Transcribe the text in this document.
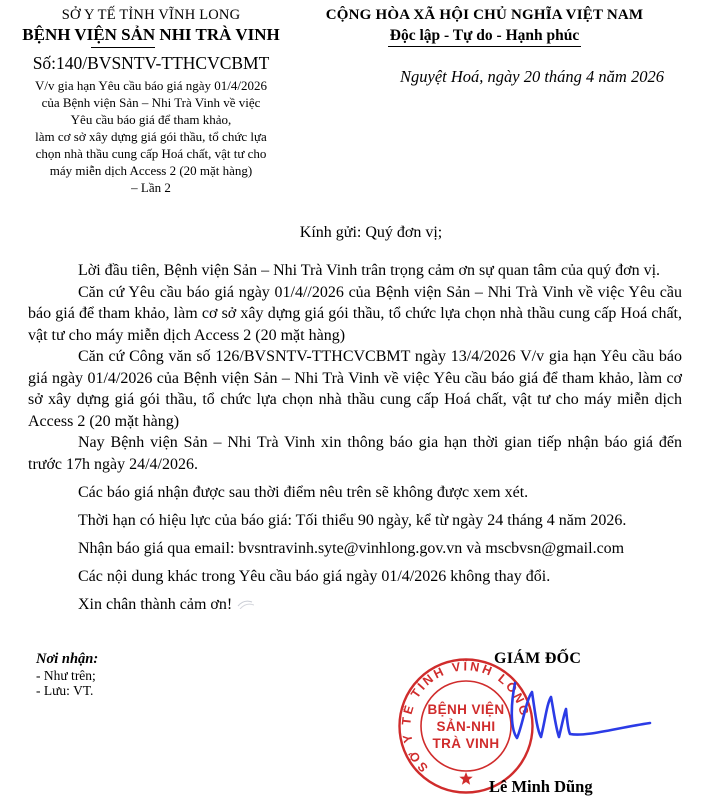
SỞ Y TẾ TỈNH VĨNH LONG
BỆNH VIỆN SẢN NHI TRÀ VINH
Số:140/BVSNTV-TTHCVCBMT
V/v gia hạn Yêu cầu báo giá ngày 01/4/2026
của Bệnh viện Sản – Nhi Trà Vinh về việc
Yêu cầu báo giá để tham khảo,
làm cơ sở xây dựng giá gói thầu, tổ chức lựa
chọn nhà thầu cung cấp Hoá chất, vật tư cho
máy miễn dịch Access 2 (20 mặt hàng)
– Lần 2
CỘNG HÒA XÃ HỘI CHỦ NGHĨA VIỆT NAM
Độc lập - Tự do - Hạnh phúc
Nguyệt Hoá, ngày 20 tháng 4 năm 2026
Kính gửi: Quý đơn vị;

Lời đầu tiên, Bệnh viện Sản – Nhi Trà Vinh trân trọng cảm ơn sự quan tâm của quý đơn vị.

Căn cứ Yêu cầu báo giá ngày 01/4//2026 của Bệnh viện Sản – Nhi Trà Vinh về việc Yêu cầu báo giá để tham khảo, làm cơ sở xây dựng giá gói thầu, tổ chức lựa chọn nhà thầu cung cấp Hoá chất, vật tư cho máy miễn dịch Access 2 (20 mặt hàng)

Căn cứ Công văn số 126/BVSNTV-TTHCVCBMT ngày 13/4/2026 V/v gia hạn Yêu cầu báo giá ngày 01/4/2026 của Bệnh viện Sản – Nhi Trà Vinh về việc Yêu cầu báo giá để tham khảo, làm cơ sở xây dựng giá gói thầu, tổ chức lựa chọn nhà thầu cung cấp Hoá chất, vật tư cho máy miễn dịch Access 2 (20 mặt hàng)

Nay Bệnh viện Sản – Nhi Trà Vinh xin thông báo gia hạn thời gian tiếp nhận báo giá đến trước 17h ngày 24/4/2026.

Các báo giá nhận được sau thời điểm nêu trên sẽ không được xem xét.

Thời hạn có hiệu lực của báo giá: Tối thiểu 90 ngày, kể từ ngày 24 tháng 4 năm 2026.

Nhận báo giá qua email: bvsntravinh.syte@vinhlong.gov.vn và mscbvsn@gmail.com

Các nội dung khác trong Yêu cầu báo giá ngày 01/4/2026 không thay đổi.

Xin chân thành cảm ơn!

Nơi nhận:
- Như trên;
- Lưu: VT.
GIÁM ĐỐC
SỞ Y TẾ TỈNH VĨNH LONG
BỆNH VIỆN
SẢN-NHI
TRÀ VINH
Lê Minh Dũng
